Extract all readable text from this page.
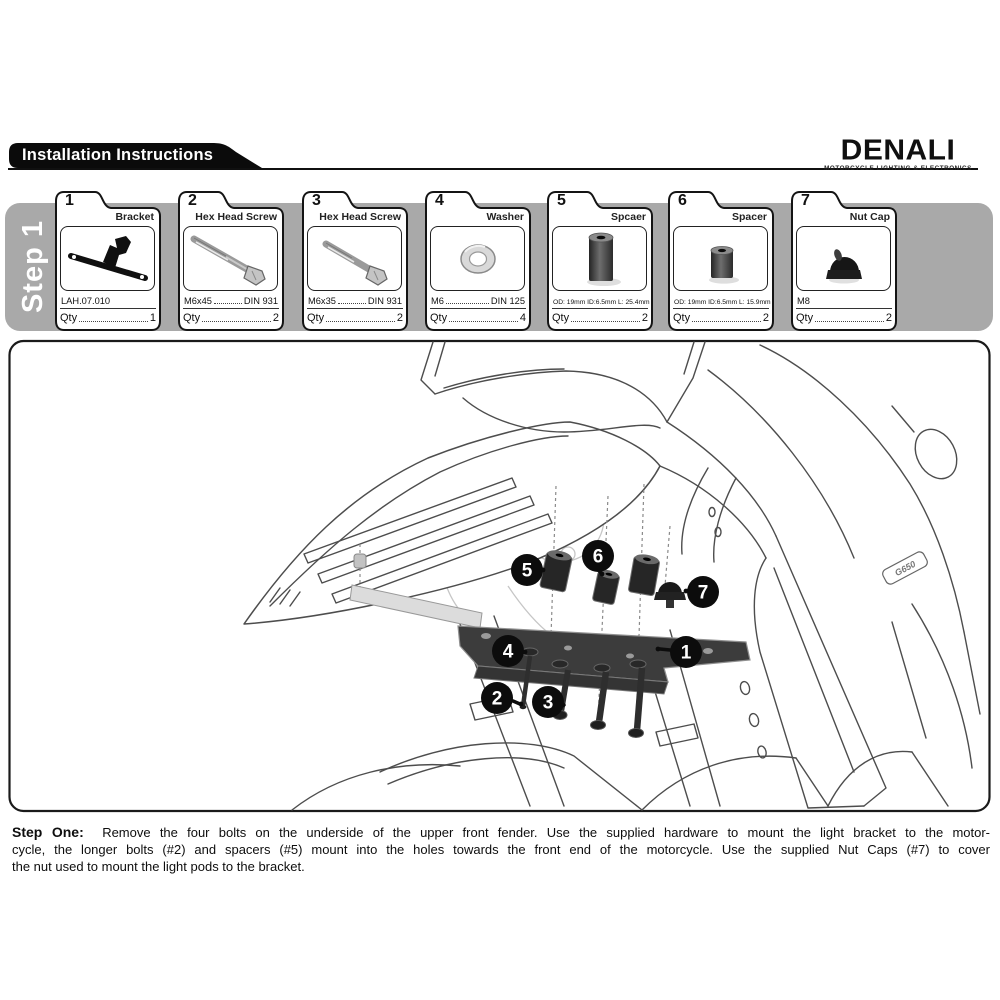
Installation Instructions	DENALI
MOTORCYCLE LIGHTING & ELECTRONICS
Step 1
1
Bracket
LAH.07.010
Qty	1
2
Hex Head Screw
M6x45	DIN 931
Qty	2
3
Hex Head Screw
M6x35	DIN 931
Qty	2
4
Washer
M6	DIN 125
Qty	4
5
Spcaer
OD: 19mm ID:6.5mm L: 25.4mm
Qty	2
6
Spacer
OD: 19mm ID:6.5mm L: 15.9mm
Qty	2
7
Nut Cap
M8
Qty	2
G650
1
2 3
4
5
6
7
Step One: Remove the four bolts on the underside of the upper front fender. Use the supplied hardware to mount the light bracket to the motor-
cycle, the longer bolts (#2) and spacers (#5) mount into the holes towards the front end of the motorcycle. Use the supplied Nut Caps (#7) to cover
the nut used to mount the light pods to the bracket.
